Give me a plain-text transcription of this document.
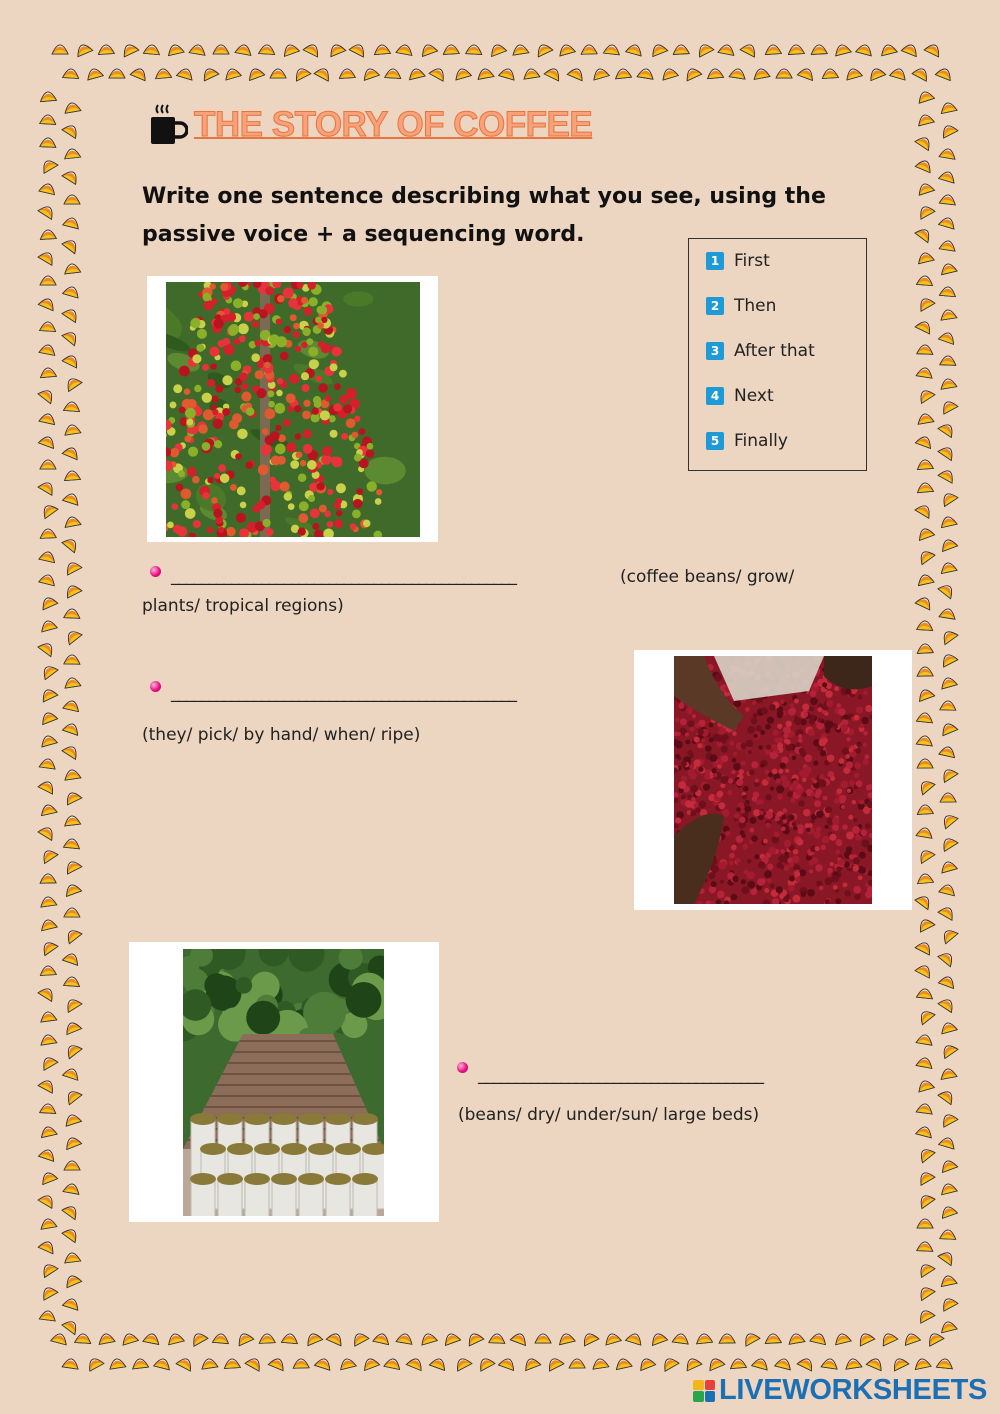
THE STORY OF COFFEE
Write one sentence describing what you see, using the passive voice + a sequencing word.
1 First
2 Then
3 After that
4 Next
5 Finally
______________________________________________	(coffee beans/ grow/
plants/ tropical regions)
______________________________________________
(they/ pick/ by hand/ when/ ripe)
______________________________________
(beans/ dry/ under/sun/ large beds)
LIVEWORKSHEETS
